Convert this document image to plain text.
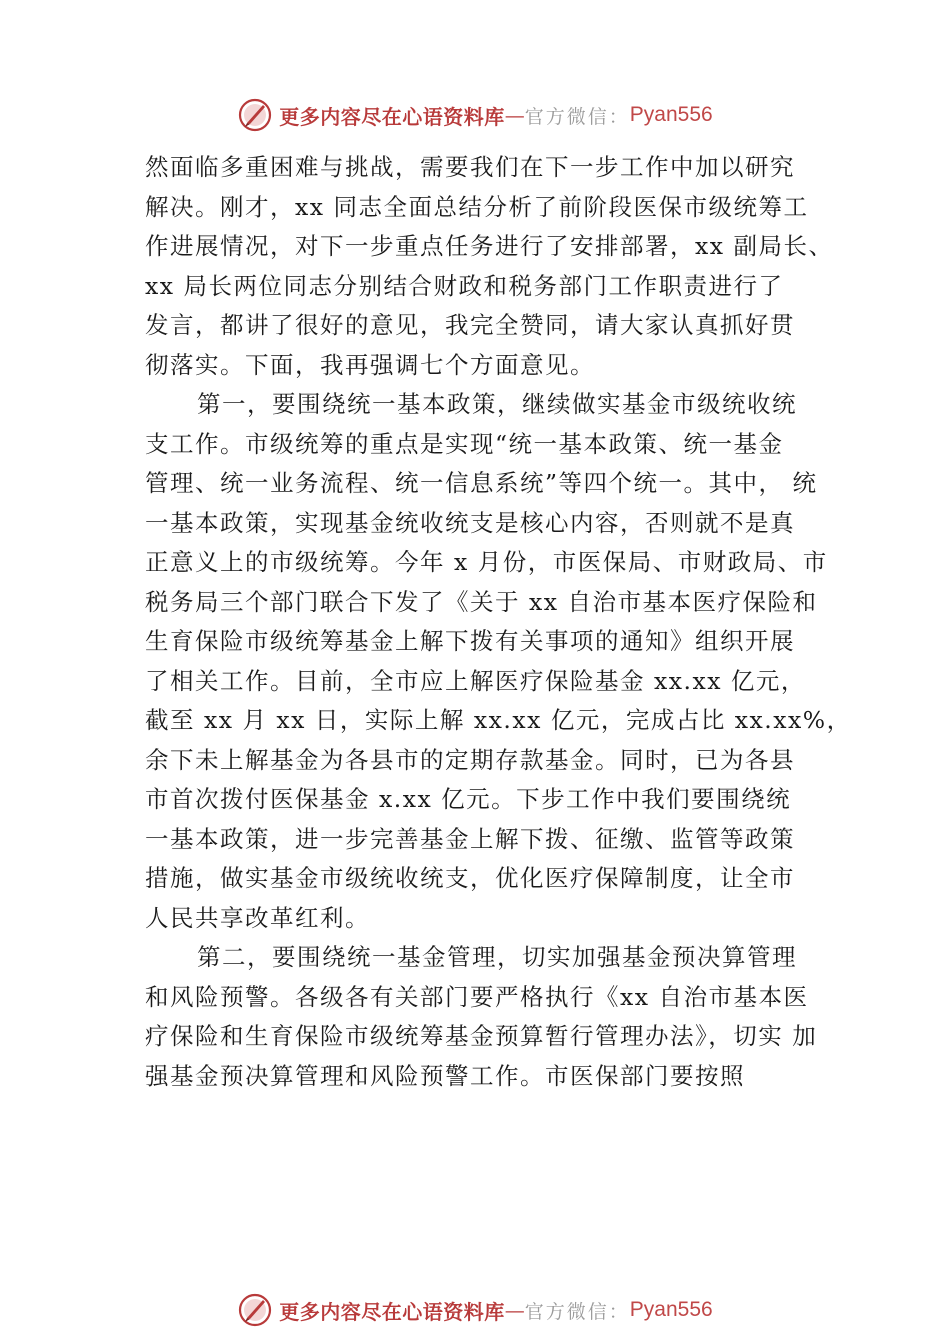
更多内容尽在心语资料库 — 官方微信： Pyan556
然面临多重困难与挑战，需要我们在下一步工作中加以研究
解决。刚才，xx 同志全面总结分析了前阶段医保市级统筹工
作进展情况，对下一步重点任务进行了安排部署，xx 副局长、
xx 局长两位同志分别结合财政和税务部门工作职责进行了
发言，都讲了很好的意见，我完全赞同，请大家认真抓好贯
彻落实。下面，我再强调七个方面意见。
第一，要围绕统一基本政策，继续做实基金市级统收统
支工作。市级统筹的重点是实现“统一基本政策、统一基金
管理、统一业务流程、统一信息系统”等四个统一。其中， 统
一基本政策，实现基金统收统支是核心内容，否则就不是真
正意义上的市级统筹。今年 x 月份，市医保局、市财政局、市
税务局三个部门联合下发了《关于 xx 自治市基本医疗保险和
生育保险市级统筹基金上解下拨有关事项的通知》组织开展
了相关工作。目前，全市应上解医疗保险基金 xx.xx 亿元，
截至 xx 月 xx 日，实际上解 xx.xx 亿元，完成占比 xx.xx%，
余下未上解基金为各县市的定期存款基金。同时，已为各县
市首次拨付医保基金 x.xx 亿元。下步工作中我们要围绕统
一基本政策，进一步完善基金上解下拨、征缴、监管等政策
措施，做实基金市级统收统支，优化医疗保障制度，让全市
人民共享改革红利。
第二，要围绕统一基金管理，切实加强基金预决算管理
和风险预警。各级各有关部门要严格执行《xx 自治市基本医
疗保险和生育保险市级统筹基金预算暂行管理办法》，切实 加
强基金预决算管理和风险预警工作。市医保部门要按照
更多内容尽在心语资料库 — 官方微信： Pyan556
